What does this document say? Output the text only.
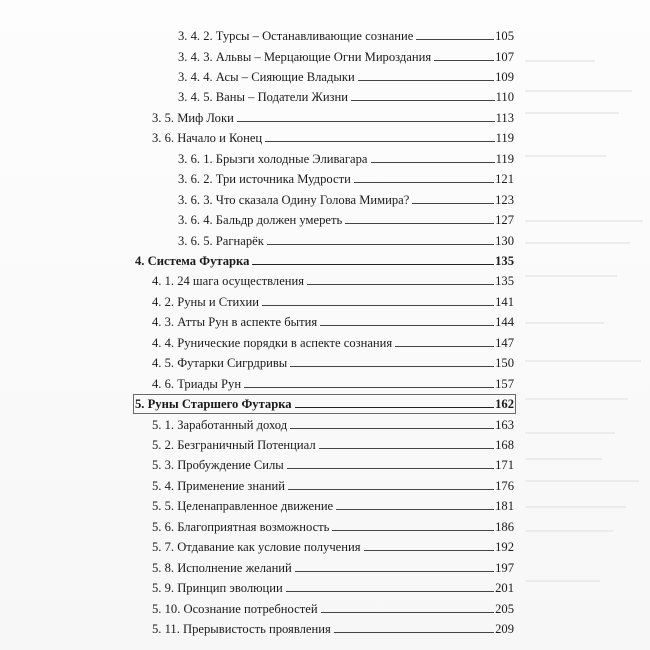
3. 4. 2. Турсы – Останавливающие сознание	105
3. 4. 3. Альвы – Мерцающие Огни Мироздания	107
3. 4. 4. Асы – Сияющие Владыки	109
3. 4. 5. Ваны – Податели Жизни	110
3. 5. Миф Локи	113
3. 6. Начало и Конец	119
3. 6. 1. Брызги холодные Эливагара	119
3. 6. 2. Три источника Мудрости	121
3. 6. 3. Что сказала Одину Голова Мимира?	123
3. 6. 4. Бальдр должен умереть	127
3. 6. 5. Рагнарёк	130
4. Система Футарка	135
4. 1. 24 шага осуществления	135
4. 2. Руны и Стихии	141
4. 3. Атты Рун в аспекте бытия	144
4. 4. Рунические порядки в аспекте сознания	147
4. 5. Футарки Сигрдривы	150
4. 6. Триады Рун	157
5. Руны Старшего Футарка	162
5. 1. Заработанный доход	163
5. 2. Безграничный Потенциал	168
5. 3. Пробуждение Силы	171
5. 4. Применение знаний	176
5. 5. Целенаправленное движение	181
5. 6. Благоприятная возможность	186
5. 7. Отдавание как условие получения	192
5. 8. Исполнение желаний	197
5. 9. Принцип эволюции	201
5. 10. Осознание потребностей	205
5. 11. Прерывистость проявления	209
